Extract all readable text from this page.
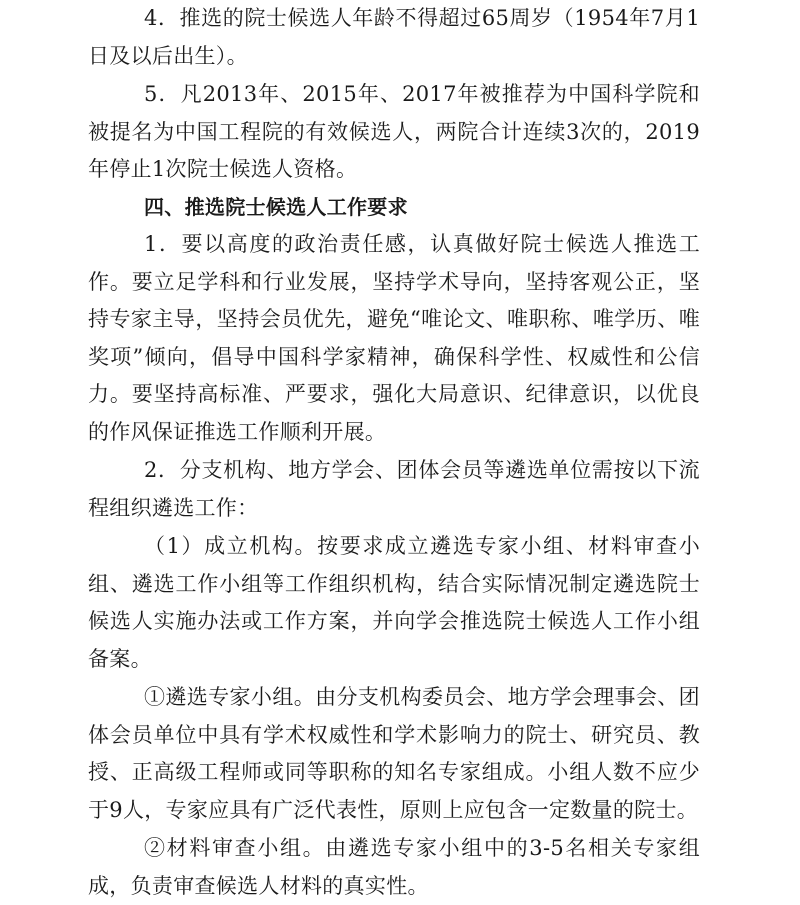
4．推选的院士候选人年龄不得超过65周岁（1954年7月1日及以后出生）。

5．凡2013年、2015年、2017年被推荐为中国科学院和被提名为中国工程院的有效候选人，两院合计连续3次的，2019年停止1次院士候选人资格。

四、推选院士候选人工作要求

1．要以高度的政治责任感，认真做好院士候选人推选工作。要立足学科和行业发展，坚持学术导向，坚持客观公正，坚持专家主导，坚持会员优先，避免“唯论文、唯职称、唯学历、唯奖项”倾向，倡导中国科学家精神，确保科学性、权威性和公信力。要坚持高标准、严要求，强化大局意识、纪律意识，以优良的作风保证推选工作顺利开展。

2．分支机构、地方学会、团体会员等遴选单位需按以下流程组织遴选工作：

（1）成立机构。按要求成立遴选专家小组、材料审查小组、遴选工作小组等工作组织机构，结合实际情况制定遴选院士候选人实施办法或工作方案，并向学会推选院士候选人工作小组备案。

①遴选专家小组。由分支机构委员会、地方学会理事会、团体会员单位中具有学术权威性和学术影响力的院士、研究员、教授、正高级工程师或同等职称的知名专家组成。小组人数不应少于9人，专家应具有广泛代表性，原则上应包含一定数量的院士。

②材料审查小组。由遴选专家小组中的3-5名相关专家组成，负责审查候选人材料的真实性。
